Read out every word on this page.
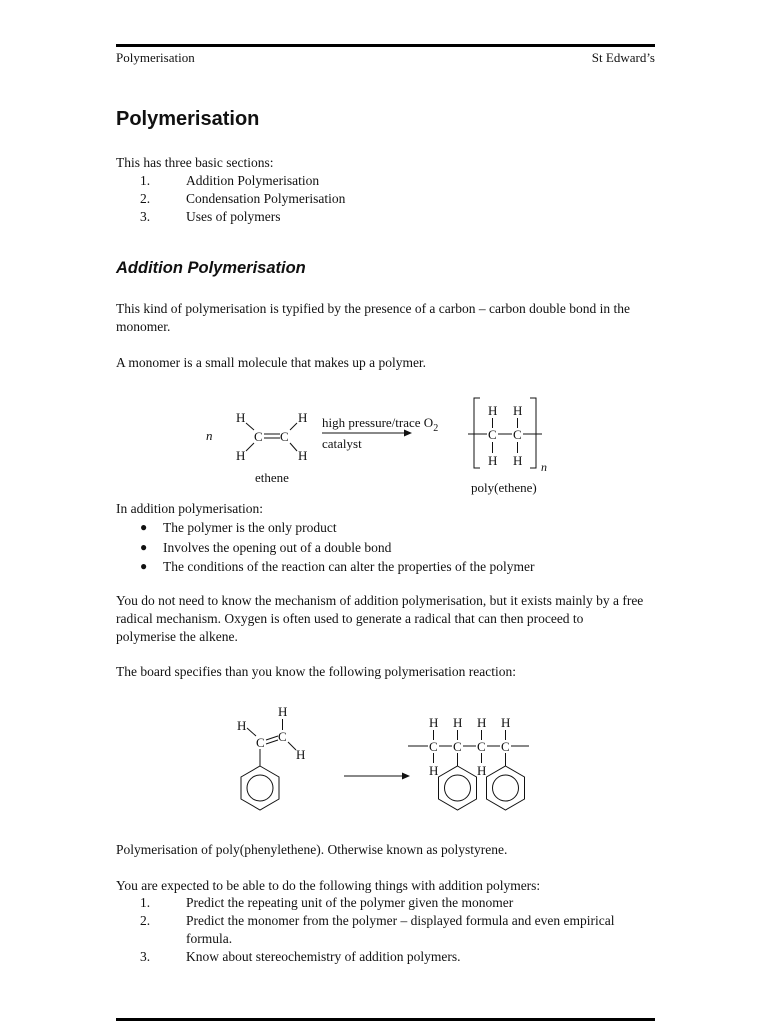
Polymerisation	St Edward’s
Polymerisation

This has three basic sections:

1.	Addition Polymerisation
2.	Condensation Polymerisation
3.	Uses of polymers
Addition Polymerisation

This kind of polymerisation is typified by the presence of a carbon – carbon double bond in the monomer.

A monomer is a small molecule that makes up a polymer.

n
H
H
H
H
C C
ethene
high pressure/trace $O_2$
catalyst
H H
C C
H H n
poly(ethene)

In addition polymerisation:

● The polymer is the only product
● Involves the opening out of a double bond
● The conditions of the reaction can alter the properties of the polymer

You do not need to know the mechanism of addition polymerisation, but it exists mainly by a free radical mechanism. Oxygen is often used to generate a radical that can then proceed to polymerise the alkene.

The board specifies than you know the following polymerisation reaction:

H
H
C C
H
H H H H
C C C C
H	H

Polymerisation of poly(phenylethene). Otherwise known as polystyrene.

You are expected to be able to do the following things with addition polymers:

1.	Predict the repeating unit of the polymer given the monomer
2.	Predict the monomer from the polymer – displayed formula and even empirical formula.
3.	Know about stereochemistry of addition polymers.
